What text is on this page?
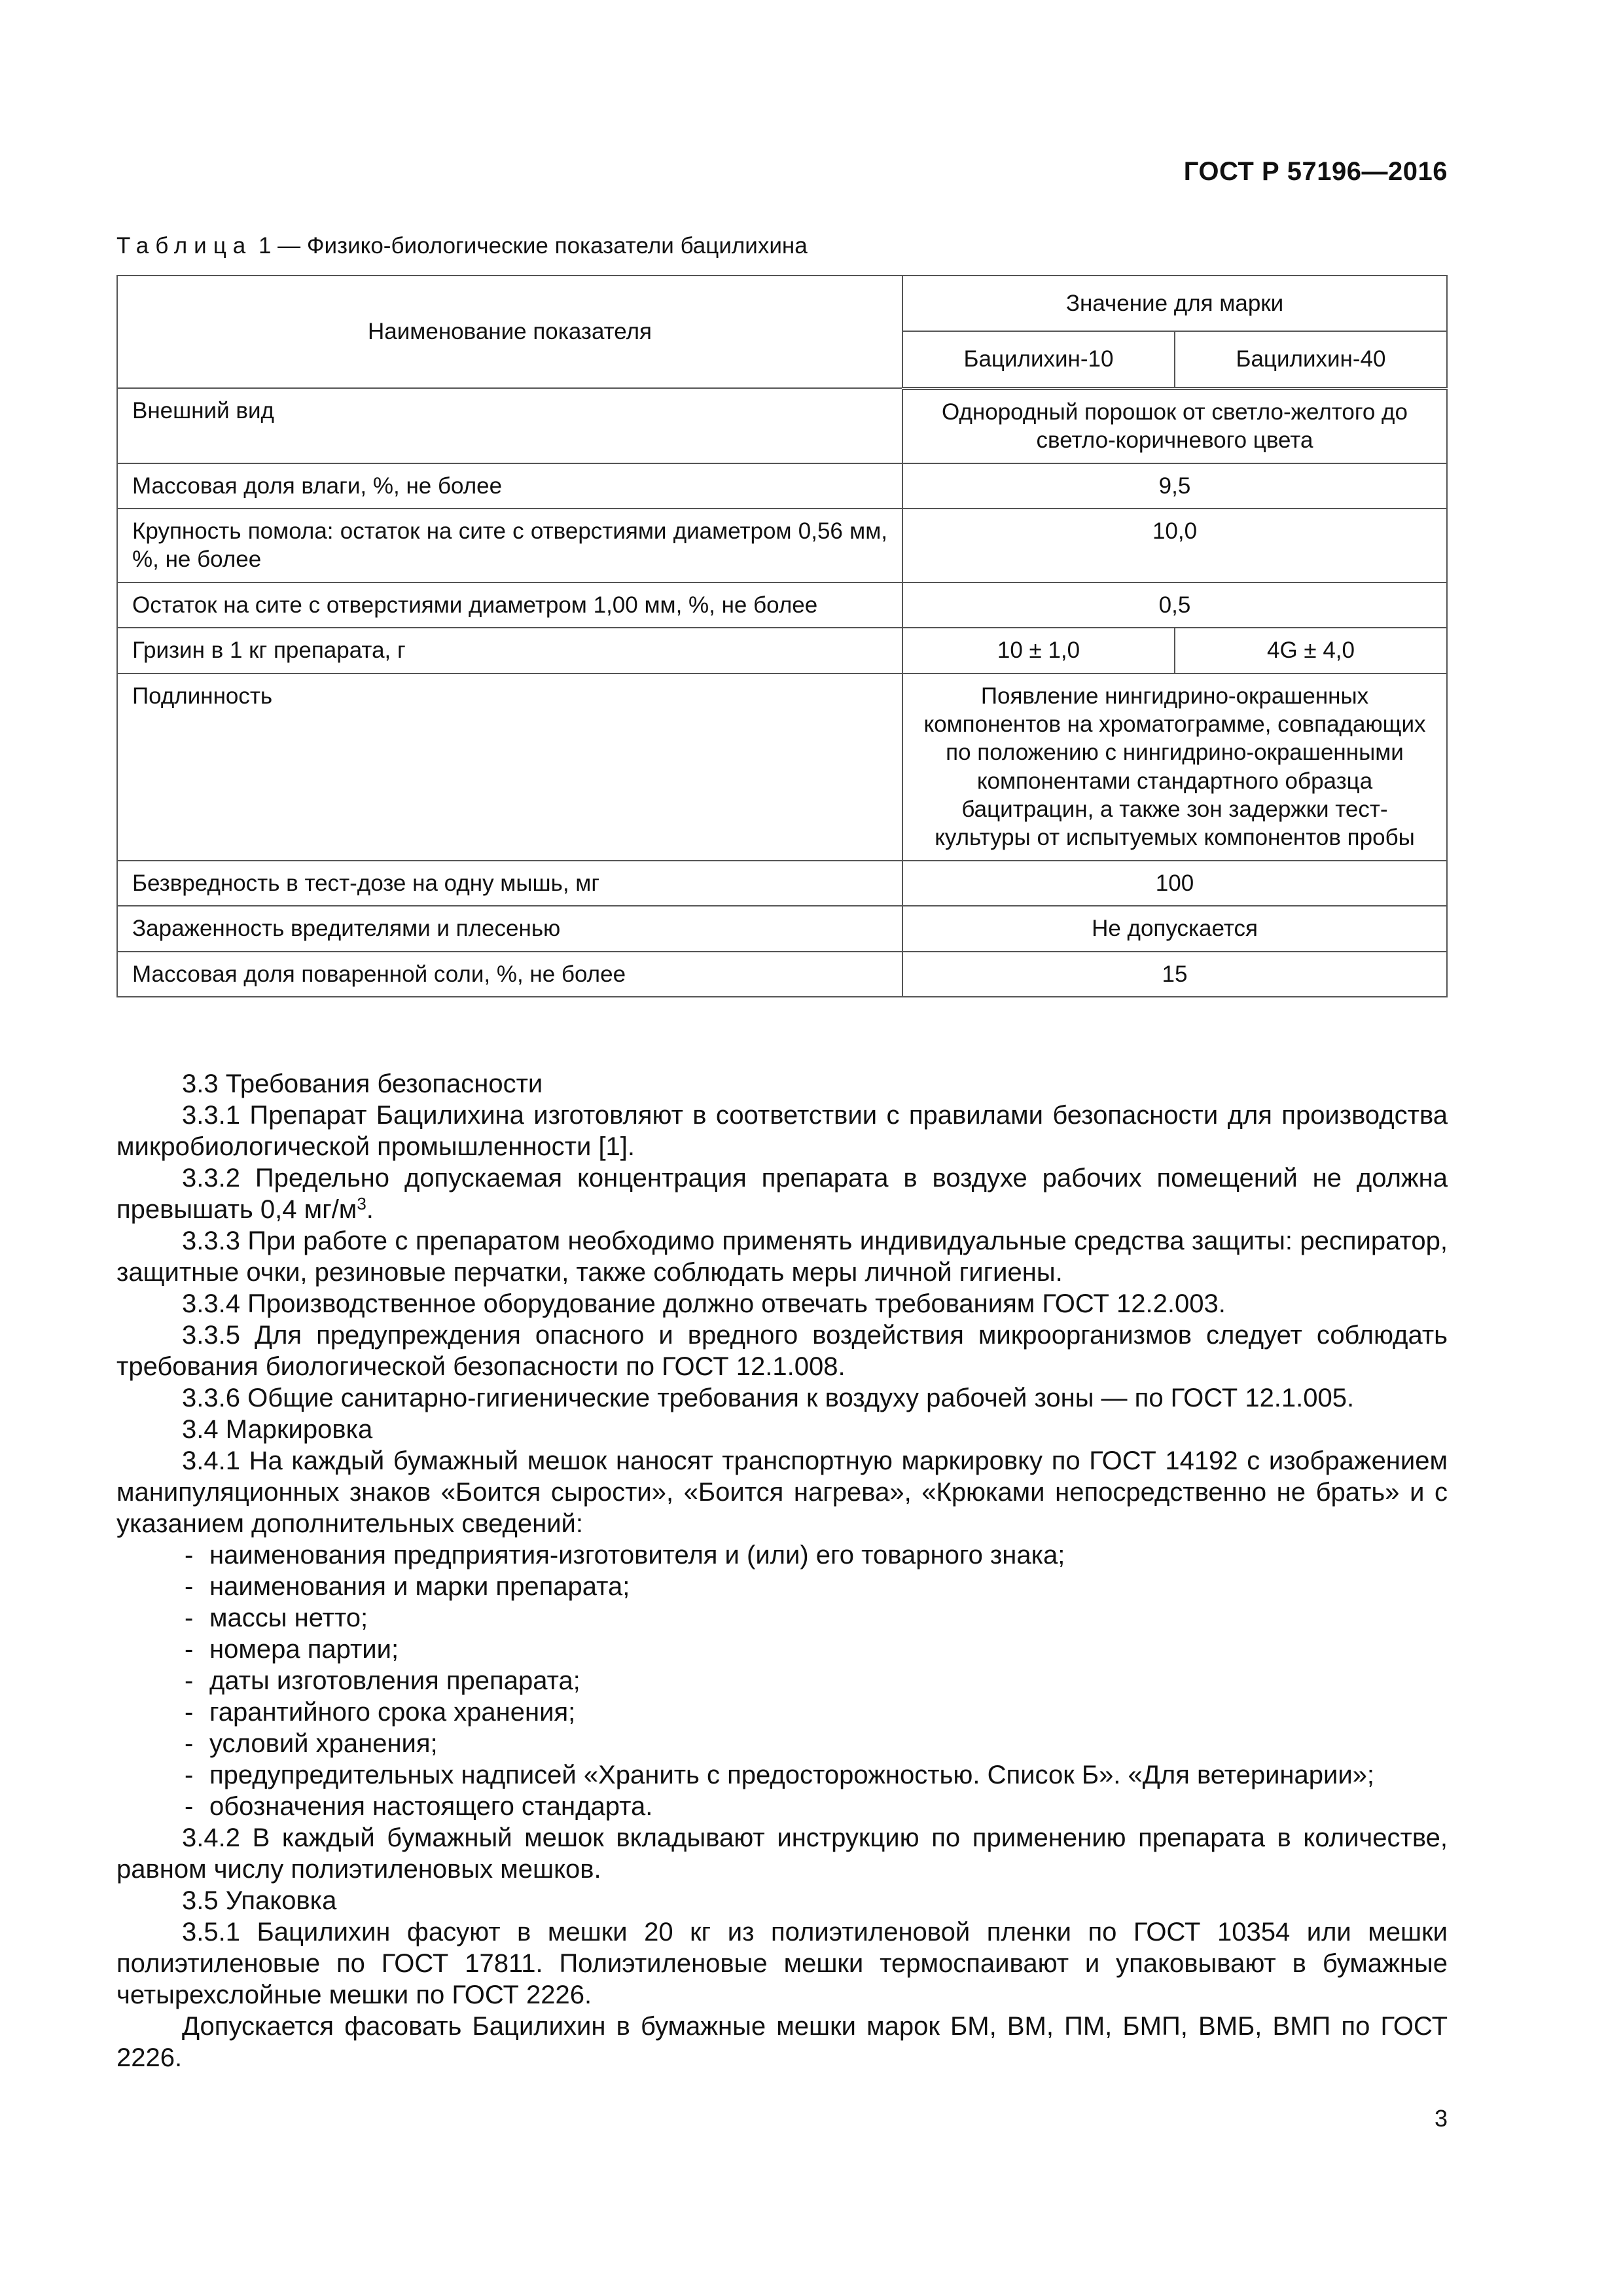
ГОСТ Р 57196—2016
Таблица 1 — Физико-биологические показатели бацилихина
Наименование показателя	Значение для марки	
	Бацилихин-10	Бацилихин-40
Внешний вид	Однородный порошок от светло-желтого до светло-коричневого цвета	
Массовая доля влаги, %, не более	9,5	
Крупность помола: остаток на сите с отверстиями диаметром 0,56 мм, %, не более	10,0	
Остаток на сите с отверстиями диаметром 1,00 мм, %, не более	0,5	
Гризин в 1 кг препарата, г	10 ± 1,0	4G ± 4,0
Подлинность	Появление нингидрино-окрашенных компонентов на хроматограмме, совпадающих по положению с нингидрино-окрашенными компонентами стандартного образца бацитрацин, а также зон задержки тест-культуры от испытуемых компонентов пробы	
Безвредность в тест-дозе на одну мышь, мг	100	
Зараженность вредителями и плесенью	Не допускается	
Массовая доля поваренной соли, %, не более	15	

3.3 Требования безопасности

3.3.1 Препарат Бацилихина изготовляют в соответствии с правилами безопасности для производства микробиологической промышленности [1].

3.3.2 Предельно допускаемая концентрация препарата в воздухе рабочих помещений не должна превышать 0,4 $мг/м^3$.

3.3.3 При работе с препаратом необходимо применять индивидуальные средства защиты: респиратор, защитные очки, резиновые перчатки, также соблюдать меры личной гигиены.

3.3.4 Производственное оборудование должно отвечать требованиям ГОСТ 12.2.003.

3.3.5 Для предупреждения опасного и вредного воздействия микроорганизмов следует соблюдать требования биологической безопасности по ГОСТ 12.1.008.

3.3.6 Общие санитарно-гигиенические требования к воздуху рабочей зоны — по ГОСТ 12.1.005.

3.4 Маркировка

3.4.1 На каждый бумажный мешок наносят транспортную маркировку по ГОСТ 14192 с изображением манипуляционных знаков «Боится сырости», «Боится нагрева», «Крюками непосредственно не брать» и с указанием дополнительных сведений:

- наименования предприятия-изготовителя и (или) его товарного знака;

- наименования и марки препарата;

- массы нетто;

- номера партии;

- даты изготовления препарата;

- гарантийного срока хранения;

- условий хранения;

- предупредительных надписей «Хранить с предосторожностью. Список Б». «Для ветеринарии»;

- обозначения настоящего стандарта.

3.4.2 В каждый бумажный мешок вкладывают инструкцию по применению препарата в количестве, равном числу полиэтиленовых мешков.

3.5 Упаковка

3.5.1 Бацилихин фасуют в мешки 20 кг из полиэтиленовой пленки по ГОСТ 10354 или мешки полиэтиленовые по ГОСТ 17811. Полиэтиленовые мешки термоспаивают и упаковывают в бумажные четырехслойные мешки по ГОСТ 2226.

Допускается фасовать Бацилихин в бумажные мешки марок БМ, ВМ, ПМ, БМП, ВМБ, ВМП по ГОСТ 2226.

3
